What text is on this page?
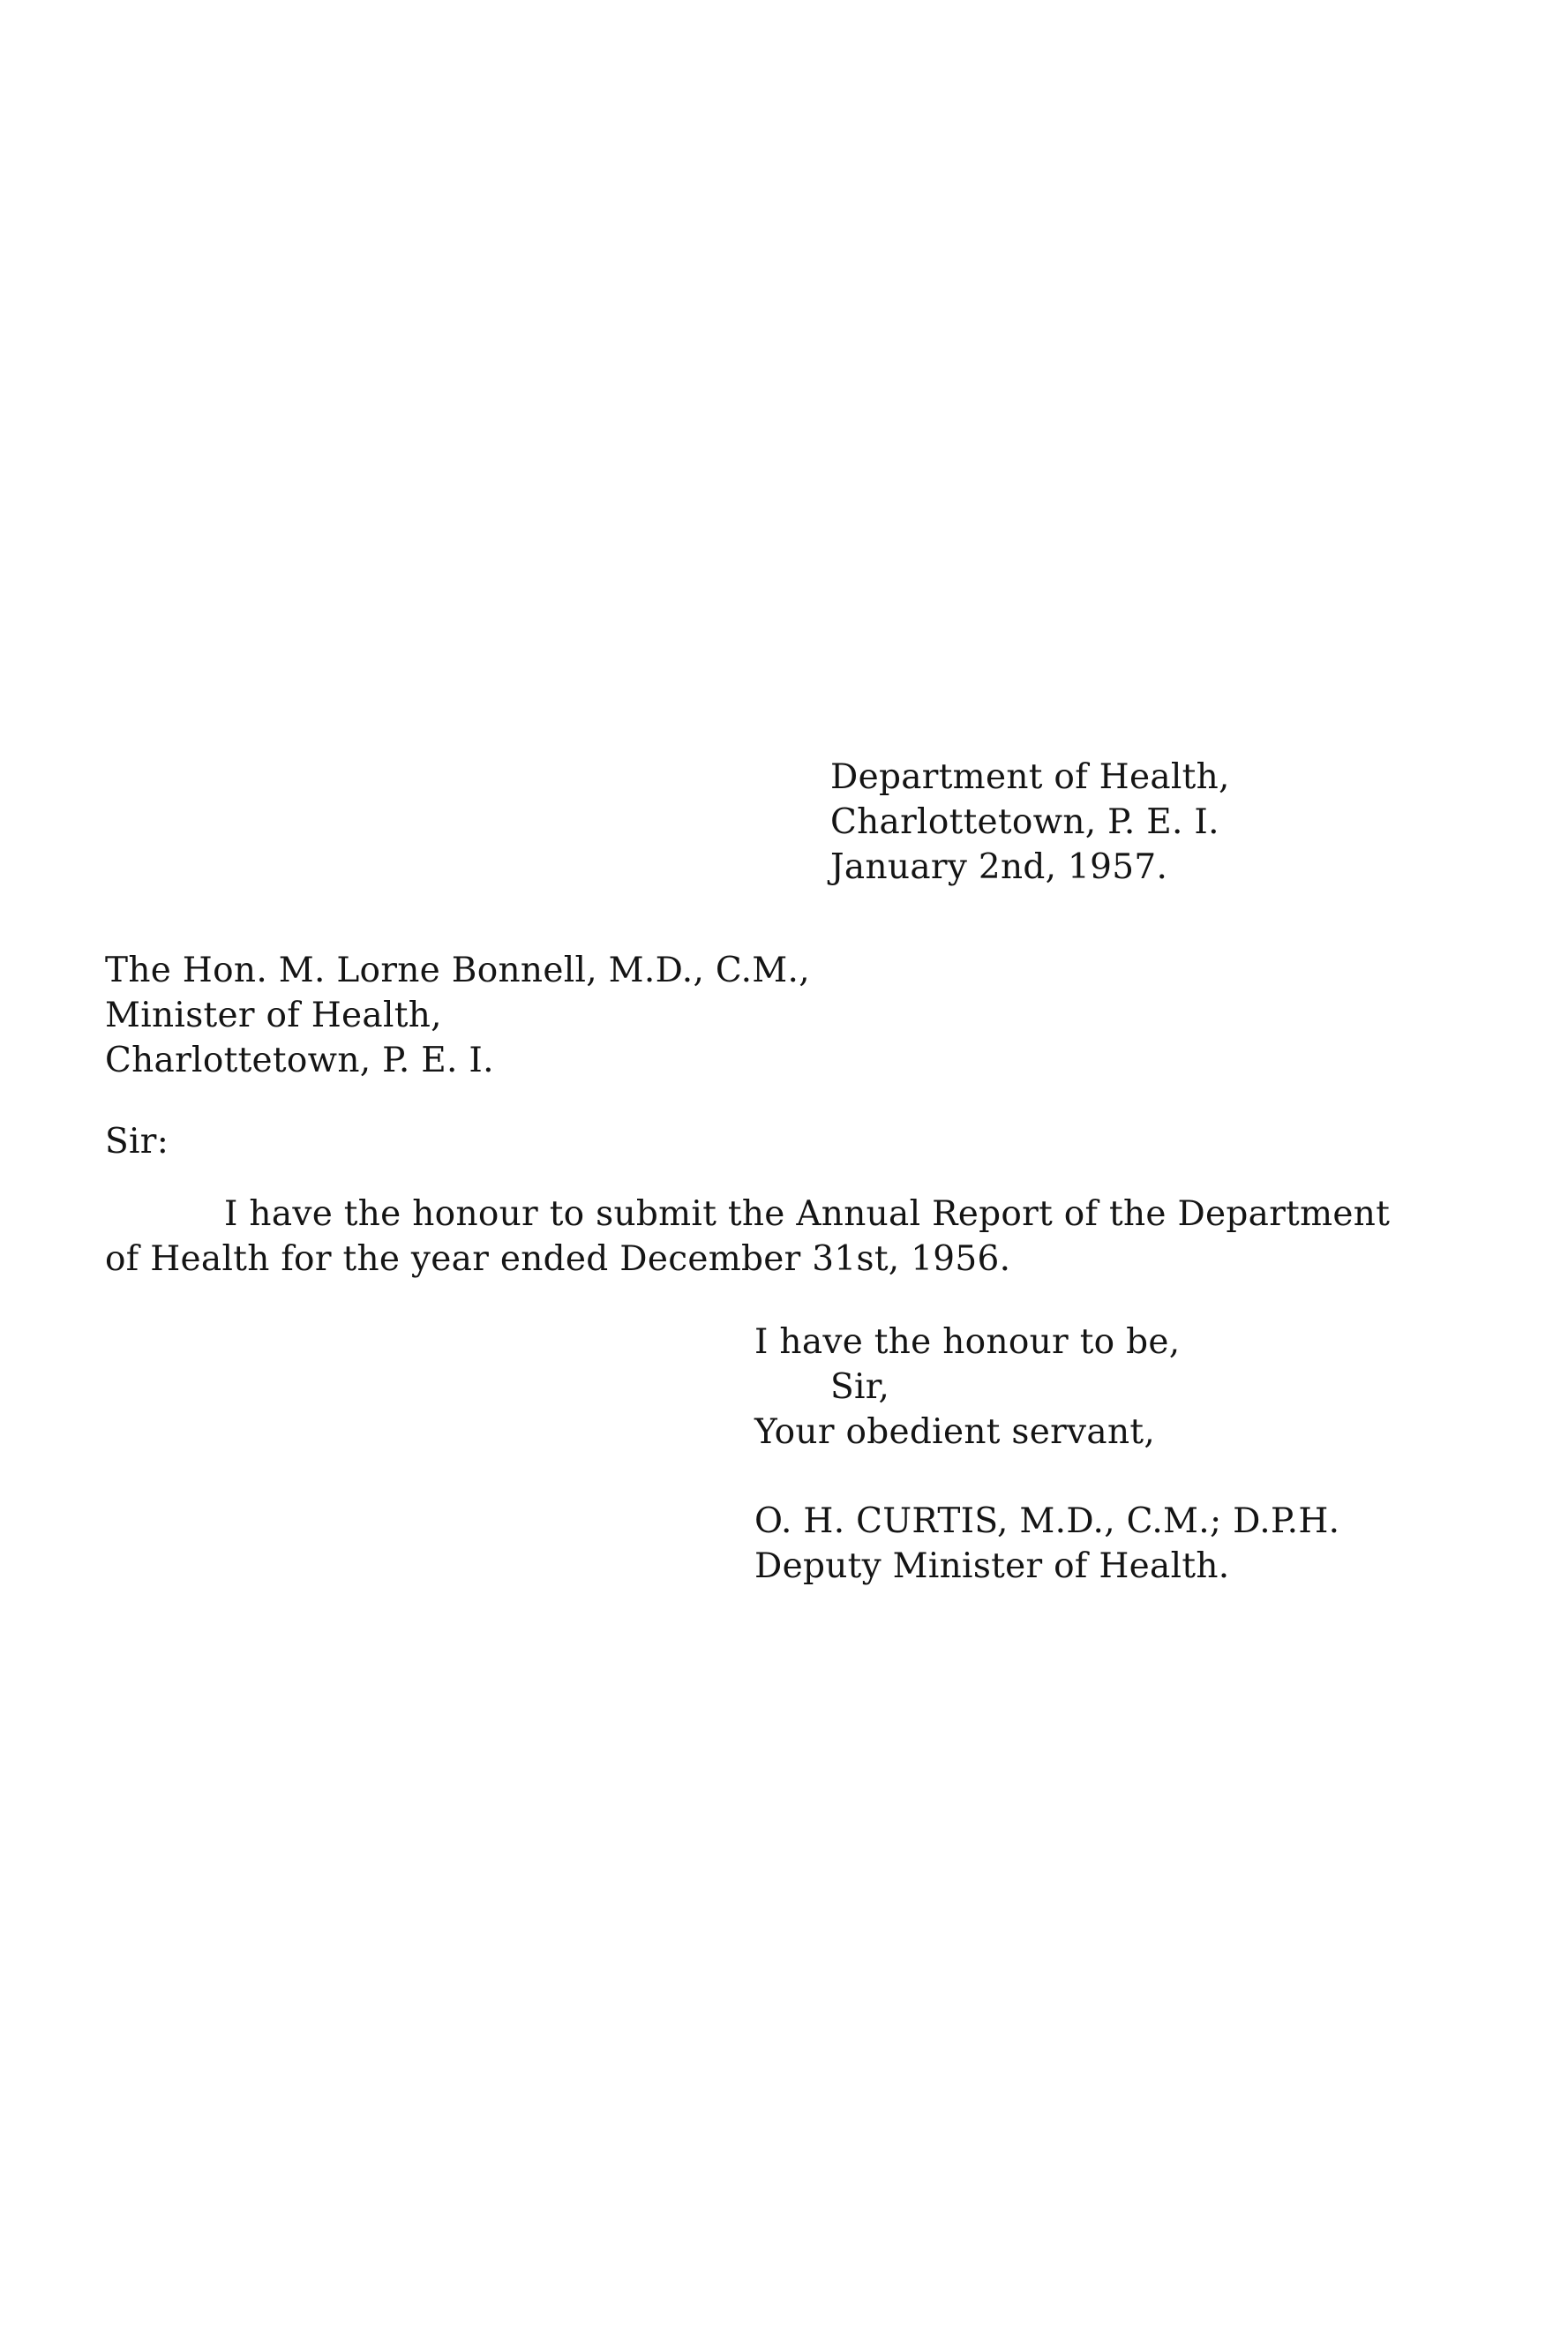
Department of Health,

Charlottetown, P. E. I.

January 2nd, 1957.

The Hon. M. Lorne Bonnell, M.D., C.M.,

Minister of Health,

Charlottetown, P. E. I.

Sir:

I have the honour to submit the Annual Report of the Department

of Health for the year ended December 31st, 1956.

I have the honour to be,

Sir,

Your obedient servant,

O. H. CURTIS, M.D., C.M.; D.P.H.

Deputy Minister of Health.
